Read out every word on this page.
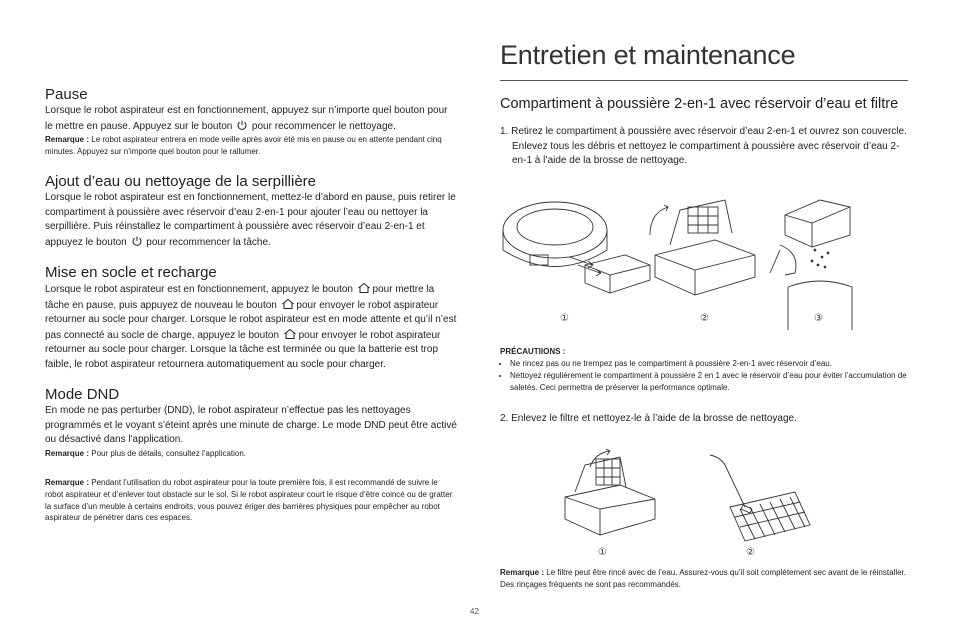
Pause

Lorsque le robot aspirateur est en fonctionnement, appuyez sur n’importe quel bouton pour le mettre en pause. Appuyez sur le bouton pour recommencer le nettoyage.

Remarque : Le robot aspirateur entrera en mode veille après avoir été mis en pause ou en attente pendant cinq minutes. Appuyez sur n’importe quel bouton pour le rallumer.

Ajout d’eau ou nettoyage de la serpillière

Lorsque le robot aspirateur est en fonctionnement, mettez-le d’abord en pause, puis retirer le compartiment à poussière avec réservoir d’eau 2-en-1 pour ajouter l’eau ou nettoyer la serpillière. Puis réinstallez le compartiment à poussière avec réservoir d’eau 2-en-1 et appuyez le bouton pour recommencer la tâche.

Mise en socle et recharge

Lorsque le robot aspirateur est en fonctionnement, appuyez le bouton pour mettre la tâche en pause, puis appuyez de nouveau le bouton pour envoyer le robot aspirateur retourner au socle pour charger. Lorsque le robot aspirateur est en mode attente et qu’il n’est pas connecté au socle de charge, appuyez le bouton pour envoyer le robot aspirateur retourner au socle pour charger. Lorsque la tâche est terminée ou que la batterie est trop faible, le robot aspirateur retournera automatiquement au socle pour charger.

Mode DND

En mode ne pas perturber (DND), le robot aspirateur n’effectue pas les nettoyages programmés et le voyant s’éteint après une minute de charge. Le mode DND peut être activé ou désactivé dans l'application.

Remarque : Pour plus de détails, consultez l’application.

Remarque : Pendant l’utilisation du robot aspirateur pour la toute première fois, il est recommandé de suivre le robot aspirateur et d’enlever tout obstacle sur le sol. Si le robot aspirateur court le risque d’être coincé ou de gratter la surface d’un meuble à certains endroits, vous pouvez ériger des barrières physiques pour empêcher au robot aspirateur de pénétrer dans ces espaces.

Entretien et maintenance
Compartiment à poussière 2-en-1 avec réservoir d’eau et filtre

1. Retirez le compartiment à poussière avec réservoir d’eau 2-en-1 et ouvrez son couvercle. Enlevez tous les débris et nettoyez le compartiment à poussière avec réservoir d’eau 2-en-1 à l’aide de la brosse de nettoyage.

①	②	③
PRÉCAUTIIONS :
• Ne rincez pas ou ne trempez pas le compartiment à poussière 2-en-1 avec réservoir d’eau.
• Nettoyez régulièrement le compartiment à poussière 2 en 1 avec le réservoir d’eau pour éviter l’accumulation de saletés. Ceci permettra de préserver la performance optimale.

2. Enlevez le filtre et nettoyez-le à l’aide de la brosse de nettoyage.

①	②

Remarque : Le filtre peut être rincé avec de l’eau. Assurez-vous qu’il soit complètement sec avant de le réinstaller. Des rinçages fréquents ne sont pas recommandés.

42
